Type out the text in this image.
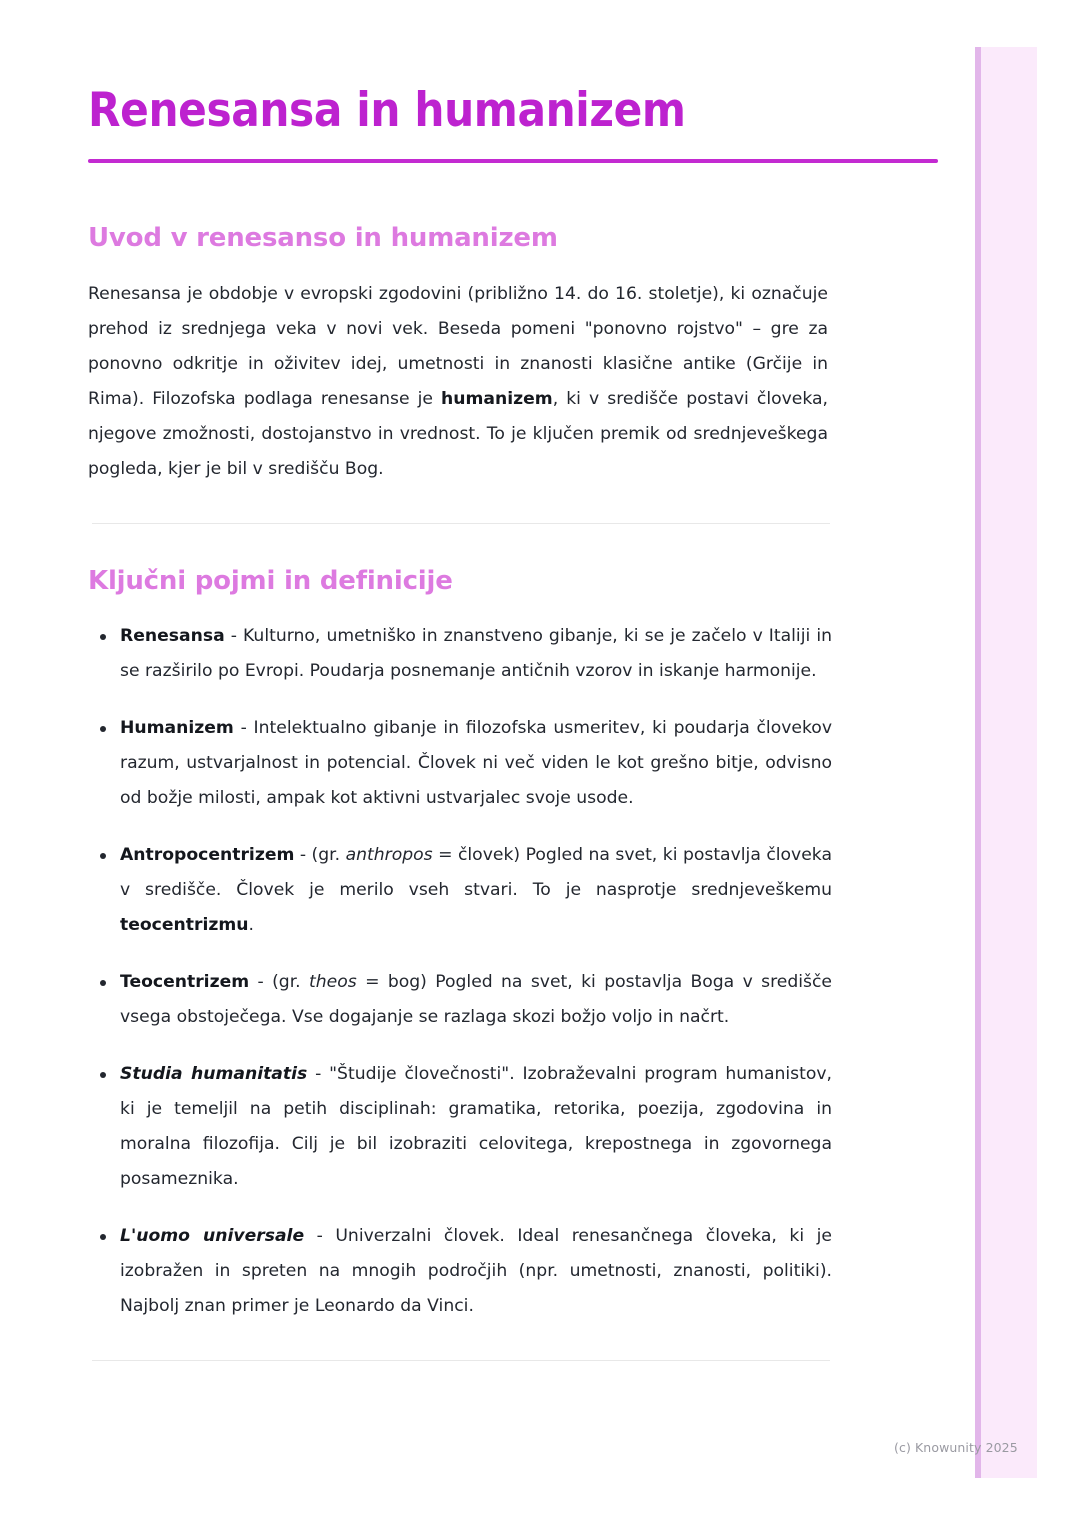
Renesansa in humanizem
Uvod v renesanso in humanizem

Renesansa je obdobje v evropski zgodovini (približno 14. do 16. stoletje), ki označuje prehod iz srednjega veka v novi vek. Beseda pomeni "ponovno rojstvo" – gre za ponovno odkritje in oživitev idej, umetnosti in znanosti klasične antike (Grčije in Rima). Filozofska podlaga renesanse je humanizem, ki v središče postavi človeka, njegove zmožnosti, dostojanstvo in vrednost. To je ključen premik od srednjeveškega pogleda, kjer je bil v središču Bog.

Ključni pojmi in definicije
Renesansa - Kulturno, umetniško in znanstveno gibanje, ki se je začelo v Italiji in se razširilo po Evropi. Poudarja posnemanje antičnih vzorov in iskanje harmonije.
Humanizem - Intelektualno gibanje in filozofska usmeritev, ki poudarja človekov razum, ustvarjalnost in potencial. Človek ni več viden le kot grešno bitje, odvisno od božje milosti, ampak kot aktivni ustvarjalec svoje usode.
Antropocentrizem - (gr. anthropos = človek) Pogled na svet, ki postavlja človeka v središče. Človek je merilo vseh stvari. To je nasprotje srednjeveškemu teocentrizmu.
Teocentrizem - (gr. theos = bog) Pogled na svet, ki postavlja Boga v središče vsega obstoječega. Vse dogajanje se razlaga skozi božjo voljo in načrt.
Studia humanitatis - "Študije človečnosti". Izobraževalni program humanistov, ki je temeljil na petih disciplinah: gramatika, retorika, poezija, zgodovina in moralna filozofija. Cilj je bil izobraziti celovitega, krepostnega in zgovornega posameznika.
L'uomo universale - Univerzalni človek. Ideal renesančnega človeka, ki je izobražen in spreten na mnogih področjih (npr. umetnosti, znanosti, politiki). Najbolj znan primer je Leonardo da Vinci.
(c) Knowunity 2025
